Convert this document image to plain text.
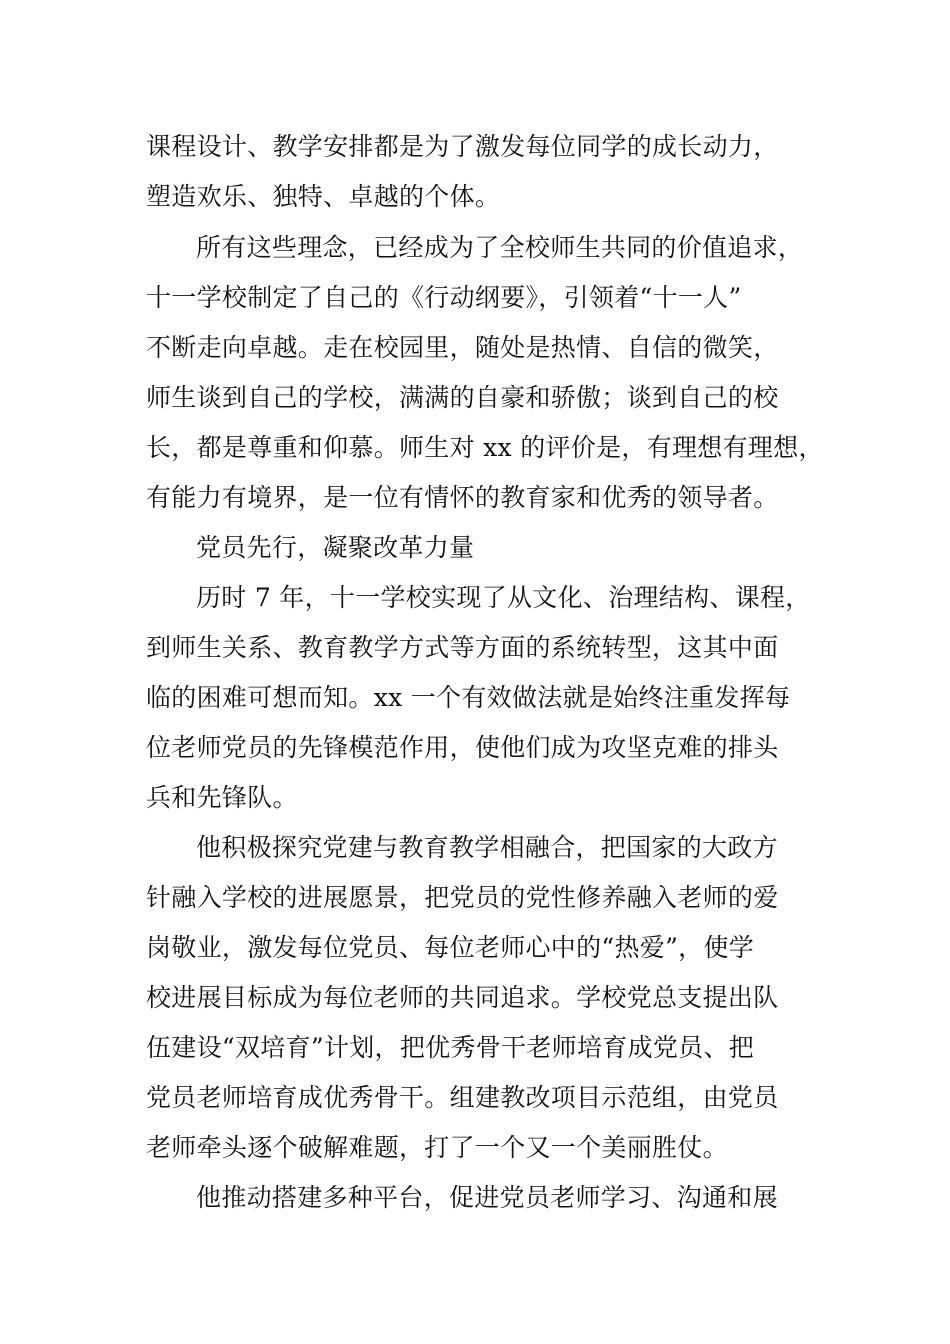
课程设计、教学安排都是为了激发每位同学的成长动力，
塑造欢乐、独特、卓越的个体。
所有这些理念，已经成为了全校师生共同的价值追求，
十一学校制定了自己的《行动纲要》，引领着“十一人”
不断走向卓越。走在校园里，随处是热情、自信的微笑，
师生谈到自己的学校，满满的自豪和骄傲；谈到自己的校
长，都是尊重和仰慕。师生对 xx 的评价是，有理想有理想，
有能力有境界，是一位有情怀的教育家和优秀的领导者。
党员先行，凝聚改革力量
历时 7 年，十一学校实现了从文化、治理结构、课程，
到师生关系、教育教学方式等方面的系统转型，这其中面
临的困难可想而知。xx 一个有效做法就是始终注重发挥每
位老师党员的先锋模范作用，使他们成为攻坚克难的排头
兵和先锋队。
他积极探究党建与教育教学相融合，把国家的大政方
针融入学校的进展愿景，把党员的党性修养融入老师的爱
岗敬业，激发每位党员、每位老师心中的“热爱”，使学
校进展目标成为每位老师的共同追求。学校党总支提出队
伍建设“双培育”计划，把优秀骨干老师培育成党员、把
党员老师培育成优秀骨干。组建教改项目示范组，由党员
老师牵头逐个破解难题，打了一个又一个美丽胜仗。
他推动搭建多种平台，促进党员老师学习、沟通和展
